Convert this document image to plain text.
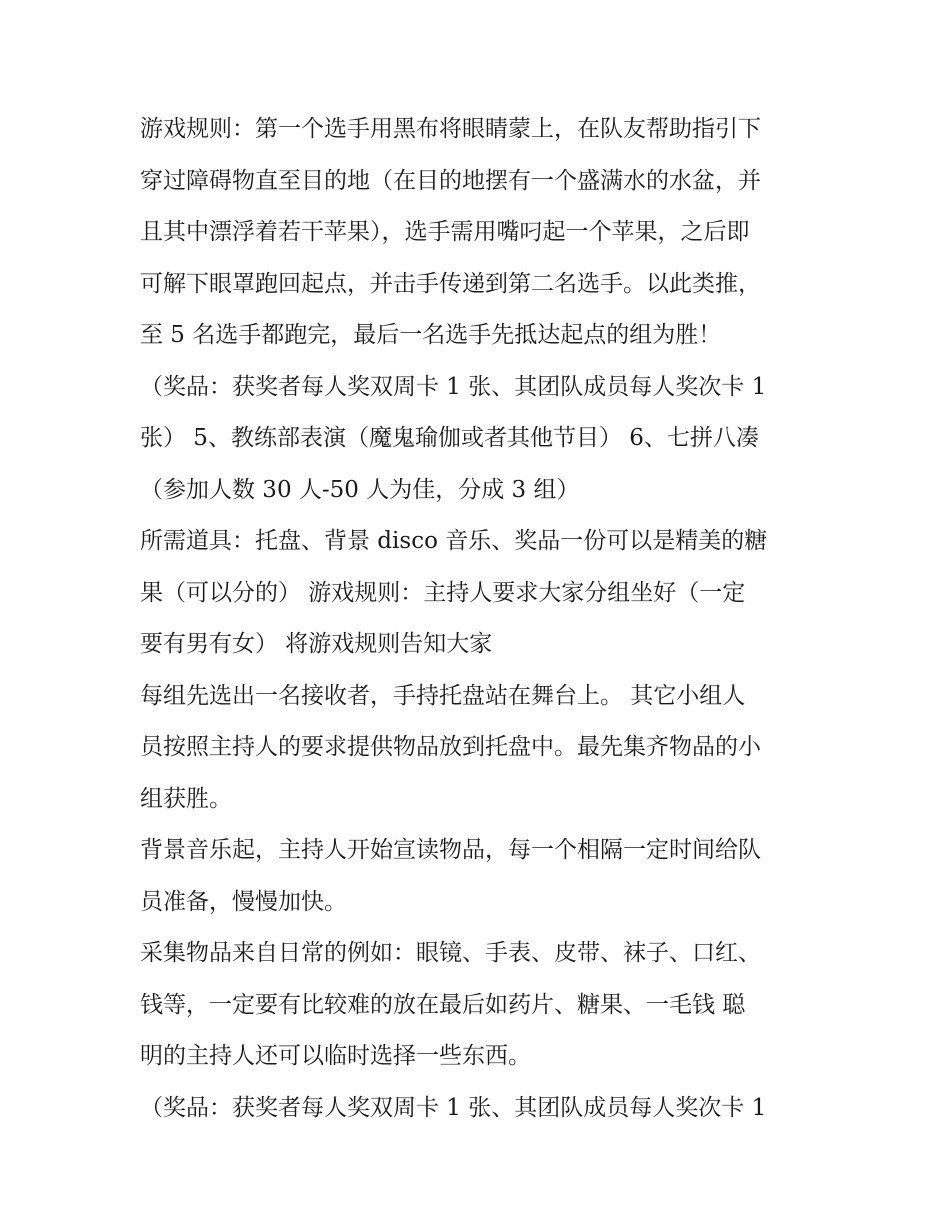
游戏规则：第一个选手用黑布将眼睛蒙上，在队友帮助指引下
穿过障碍物直至目的地（在目的地摆有一个盛满水的水盆，并
且其中漂浮着若干苹果），选手需用嘴叼起一个苹果，之后即
可解下眼罩跑回起点，并击手传递到第二名选手。以此类推，
至 5 名选手都跑完，最后一名选手先抵达起点的组为胜！
（奖品：获奖者每人奖双周卡 1 张、其团队成员每人奖次卡 1
张） 5、教练部表演（魔鬼瑜伽或者其他节目） 6、七拼八凑
（参加人数 30 人-50 人为佳，分成 3 组）
所需道具：托盘、背景 disco 音乐、奖品一份可以是精美的糖
果（可以分的） 游戏规则：主持人要求大家分组坐好（一定
要有男有女） 将游戏规则告知大家
每组先选出一名接收者，手持托盘站在舞台上。 其它小组人
员按照主持人的要求提供物品放到托盘中。最先集齐物品的小
组获胜。
背景音乐起，主持人开始宣读物品，每一个相隔一定时间给队
员准备，慢慢加快。
采集物品来自日常的例如：眼镜、手表、皮带、袜子、口红、
钱等，一定要有比较难的放在最后如药片、糖果、一毛钱 聪
明的主持人还可以临时选择一些东西。
（奖品：获奖者每人奖双周卡 1 张、其团队成员每人奖次卡 1
